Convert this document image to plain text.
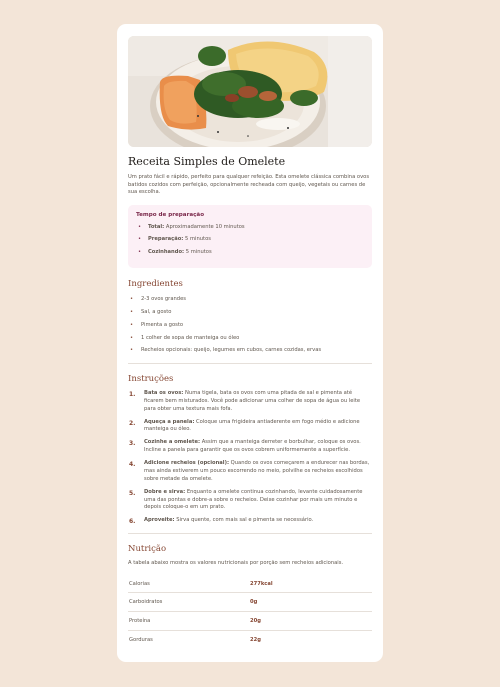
Receita Simples de Omelete

Um prato fácil e rápido, perfeito para qualquer refeição. Esta omelete clássica combina ovos batidos cozidos com perfeição, opcionalmente recheada com queijo, vegetais ou carnes de sua escolha.

Tempo de preparação
• Total: Aproximadamente 10 minutos
• Preparação: 5 minutos
• Cozinhando: 5 minutos
Ingredientes
• 2-3 ovos grandes
• Sal, a gosto
• Pimenta a gosto
• 1 colher de sopa de manteiga ou óleo
• Recheios opcionais: queijo, legumes em cubos, carnes cozidas, ervas
Instruções
1. Bata os ovos: Numa tigela, bata os ovos com uma pitada de sal e pimenta até ficarem bem misturados. Você pode adicionar uma colher de sopa de água ou leite para obter uma textura mais fofa.
2. Aqueça a panela: Coloque uma frigideira antiaderente em fogo médio e adicione manteiga ou óleo.
3. Cozinhe a omelete: Assim que a manteiga derreter e borbulhar, coloque os ovos. Incline a panela para garantir que os ovos cobrem uniformemente a superfície.
4. Adicione recheios (opcional): Quando os ovos começarem a endurecer nas bordas, mas ainda estiverem um pouco escorrendo no meio, polvilhe os recheios escolhidos sobre metade da omelete.
5. Dobre e sirva: Enquanto a omelete continua cozinhando, levante cuidadosamente uma das pontas e dobre-a sobre o recheios. Deixe cozinhar por mais um minuto e depois coloque-o em um prato.
6. Aproveite: Sirva quente, com mais sal e pimenta se necessário.
Nutrição

A tabela abaixo mostra os valores nutricionais por porção sem recheios adicionais.

Calorias	277kcal
Carboidratos	0g
Proteína	20g
Gorduras	22g
